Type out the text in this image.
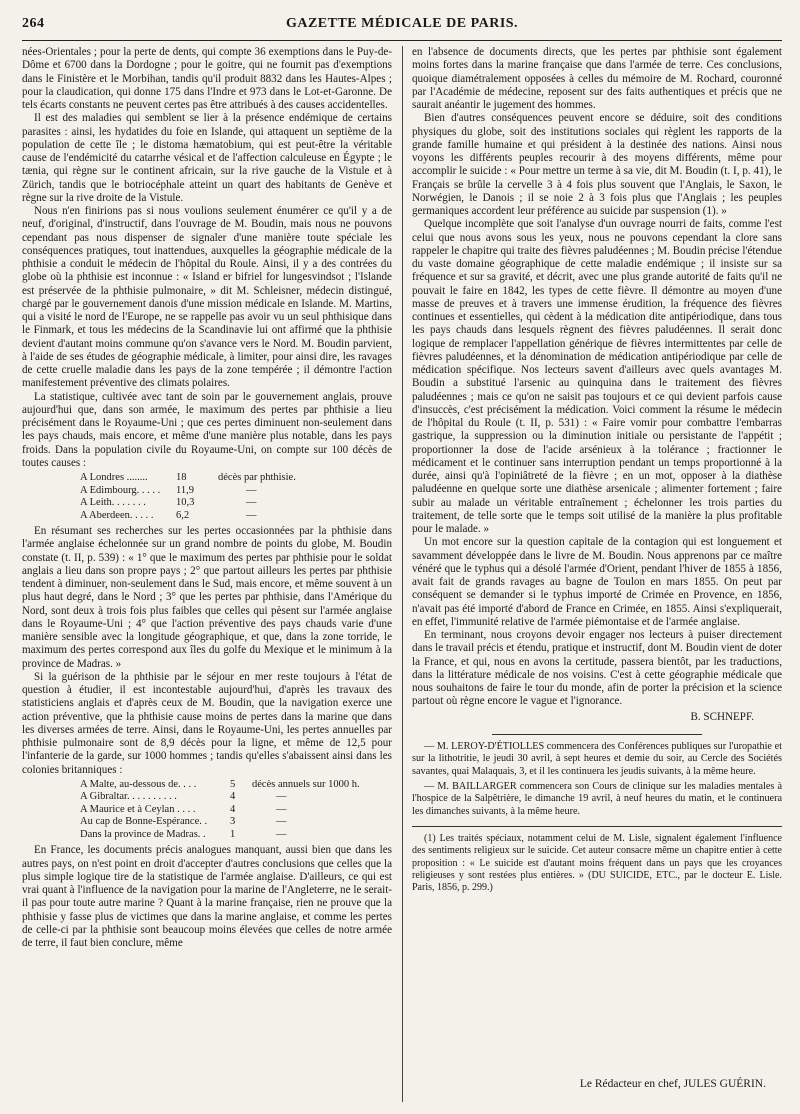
264	GAZETTE MÉDICALE DE PARIS.

nées-Orientales ; pour la perte de dents, qui compte 36 exemptions dans le Puy-de-Dôme et 6700 dans la Dordogne ; pour le goitre, qui ne fournit pas d'exemptions dans le Finistère et le Morbihan, tandis qu'il produit 8832 dans les Hautes-Alpes ; pour la claudication, qui donne 175 dans l'Indre et 973 dans le Lot-et-Garonne. De tels écarts constants ne peuvent certes pas être attribués à des causes accidentelles.

Il est des maladies qui semblent se lier à la présence endémique de certains parasites : ainsi, les hydatides du foie en Islande, qui attaquent un septième de la population de cette île ; le distoma hæmatobium, qui est peut-être la véritable cause de l'endémicité du catarrhe vésical et de l'affection calculeuse en Égypte ; le tænia, qui règne sur le continent africain, sur la rive gauche de la Vistule et à Zürich, tandis que le botriocéphale atteint un quart des habitants de Genève et règne sur la rive droite de la Vistule.

Nous n'en finirions pas si nous voulions seulement énumérer ce qu'il y a de neuf, d'original, d'instructif, dans l'ouvrage de M. Boudin, mais nous ne pouvons cependant pas nous dispenser de signaler d'une manière toute spéciale les conséquences pratiques, tout inattendues, auxquelles la géographie médicale de la phthisie a conduit le médecin de l'hôpital du Roule. Ainsi, il y a des contrées du globe où la phthisie est inconnue : « Island er bifriel for lungesvindsot ; l'Islande est préservée de la phthisie pulmonaire, » dit M. Schleisner, médecin distingué, chargé par le gouvernement danois d'une mission médicale en Islande. M. Martins, qui a visité le nord de l'Europe, ne se rappelle pas avoir vu un seul phthisique dans le Finmark, et tous les médecins de la Scandinavie lui ont affirmé que la phthisie devient d'autant moins commune qu'on s'avance vers le Nord. M. Boudin parvient, à l'aide de ses études de géographie médicale, à limiter, pour ainsi dire, les ravages de cette cruelle maladie dans les pays de la zone tempérée ; il démontre l'action manifestement préventive des climats polaires.

La statistique, cultivée avec tant de soin par le gouvernement anglais, prouve aujourd'hui que, dans son armée, le maximum des pertes par phthisie a lieu précisément dans le Royaume-Uni ; que ces pertes diminuent non-seulement dans les pays chauds, mais encore, et même d'une manière plus notable, dans les pays froids. Dans la population civile du Royaume-Uni, on compte sur 100 décès de toutes causes :

A Londres ........	18	décès par phthisie.
A Edimbourg. . . . .	11,9	—
A Leith. . . . . . .	10,3	—
A Aberdeen. . . . .	6,2	—

En résumant ses recherches sur les pertes occasionnées par la phthisie dans l'armée anglaise échelonnée sur un grand nombre de points du globe, M. Boudin constate (t. II, p. 539) : « 1° que le maximum des pertes par phthisie pour le soldat anglais a lieu dans son propre pays ; 2° que partout ailleurs les pertes par phthisie tendent à diminuer, non-seulement dans le Sud, mais encore, et même souvent à un plus haut degré, dans le Nord ; 3° que les pertes par phthisie, dans l'Amérique du Nord, sont deux à trois fois plus faibles que celles qui pèsent sur l'armée anglaise dans le Royaume-Uni ; 4° que l'action préventive des pays chauds varie d'une manière sensible avec la longitude géographique, et que, dans la zone torride, le maximum des pertes correspond aux îles du golfe du Mexique et le minimum à la province de Madras. »

Si la guérison de la phthisie par le séjour en mer reste toujours à l'état de question à étudier, il est incontestable aujourd'hui, d'après les travaux des statisticiens anglais et d'après ceux de M. Boudin, que la navigation exerce une action préventive, que la phthisie cause moins de pertes dans la marine que dans les diverses armées de terre. Ainsi, dans le Royaume-Uni, les pertes annuelles par phthisie pulmonaire sont de 8,9 décès pour la ligne, et même de 12,5 pour l'infanterie de la garde, sur 1000 hommes ; tandis qu'elles s'abaissent ainsi dans les colonies britanniques :

A Malte, au-dessous de. . . .	5	décès annuels sur 1000 h.
A Gibraltar. . . . . . . . . .	4	—
A Maurice et à Ceylan . . . .	4	—
Au cap de Bonne-Espérance. .	3	—
Dans la province de Madras. .	1	—

En France, les documents précis analogues manquant, aussi bien que dans les autres pays, on n'est point en droit d'accepter d'autres conclusions que celles que la plus simple logique tire de la statistique de l'armée anglaise. D'ailleurs, ce qui est vrai quant à l'influence de la navigation pour la marine de l'Angleterre, ne le serait-il pas pour toute autre marine ? Quant à la marine française, rien ne prouve que la phthisie y fasse plus de victimes que dans la marine anglaise, et comme les pertes de celle-ci par la phthisie sont beaucoup moins élevées que celles de notre armée de terre, il faut bien conclure, même

en l'absence de documents directs, que les pertes par phthisie sont également moins fortes dans la marine française que dans l'armée de terre. Ces conclusions, quoique diamétralement opposées à celles du mémoire de M. Rochard, couronné par l'Académie de médecine, reposent sur des faits authentiques et précis que ne saurait anéantir le jugement des hommes.

Bien d'autres conséquences peuvent encore se déduire, soit des conditions physiques du globe, soit des institutions sociales qui règlent les rapports de la grande famille humaine et qui président à la destinée des nations. Ainsi nous voyons les différents peuples recourir à des moyens différents, même pour accomplir le suicide : « Pour mettre un terme à sa vie, dit M. Boudin (t. I, p. 41), le Français se brûle la cervelle 3 à 4 fois plus souvent que l'Anglais, le Saxon, le Norwégien, le Danois ; il se noie 2 à 3 fois plus que l'Anglais ; les peuples germaniques accordent leur préférence au suicide par suspension (1). »

Quelque incomplète que soit l'analyse d'un ouvrage nourri de faits, comme l'est celui que nous avons sous les yeux, nous ne pouvons cependant la clore sans rappeler le chapitre qui traite des fièvres paludéennes ; M. Boudin précise l'étendue du vaste domaine géographique de cette maladie endémique ; il insiste sur sa fréquence et sur sa gravité, et décrit, avec une plus grande autorité de faits qu'il ne pouvait le faire en 1842, les types de cette fièvre. Il démontre au moyen d'une masse de preuves et à travers une immense érudition, la fréquence des fièvres continues et essentielles, qui cèdent à la médication dite antipériodique, dans tous les pays chauds dans lesquels règnent des fièvres paludéennes. Il serait donc logique de remplacer l'appellation générique de fièvres intermittentes par celle de fièvres paludéennes, et la dénomination de médication antipériodique par celle de médication spécifique. Nos lecteurs savent d'ailleurs avec quels avantages M. Boudin a substitué l'arsenic au quinquina dans le traitement des fièvres paludéennes ; mais ce qu'on ne saisit pas toujours et ce qui devient parfois cause d'insuccès, c'est précisément la médication. Voici comment la résume le médecin de l'hôpital du Roule (t. II, p. 531) : « Faire vomir pour combattre l'embarras gastrique, la suppression ou la diminution initiale ou persistante de l'appétit ; proportionner la dose de l'acide arsénieux à la tolérance ; fractionner le médicament et le continuer sans interruption pendant un temps proportionné à la durée, ainsi qu'à l'opiniâtreté de la fièvre ; en un mot, opposer à la diathèse paludéenne en quelque sorte une diathèse arsenicale ; alimenter fortement ; faire subir au malade un véritable entraînement ; échelonner les trois parties du traitement, de telle sorte que le temps soit utilisé de la manière la plus profitable pour le malade. »

Un mot encore sur la question capitale de la contagion qui est longuement et savamment développée dans le livre de M. Boudin. Nous apprenons par ce maître vénéré que le typhus qui a désolé l'armée d'Orient, pendant l'hiver de 1855 à 1856, avait fait de grands ravages au bagne de Toulon en mars 1855. On peut par conséquent se demander si le typhus importé de Crimée en Provence, en 1856, n'avait pas été importé d'abord de France en Crimée, en 1855. Ainsi s'expliquerait, en effet, l'immunité relative de l'armée piémontaise et de l'armée anglaise.

En terminant, nous croyons devoir engager nos lecteurs à puiser directement dans le travail précis et étendu, pratique et instructif, dont M. Boudin vient de doter la France, et qui, nous en avons la certitude, passera bientôt, par les traductions, dans la littérature médicale de nos voisins. C'est à cette géographie médicale que nous souhaitons de faire le tour du monde, afin de porter la précision et la science partout où règne encore le vague et l'ignorance.

B. SCHNEPF.

— M. LEROY-D'ÉTIOLLES commencera des Conférences publiques sur l'uropathie et sur la lithotritie, le jeudi 30 avril, à sept heures et demie du soir, au Cercle des Sociétés savantes, quai Malaquais, 3, et il les continuera les jeudis suivants, à la même heure.

— M. BAILLARGER commencera son Cours de clinique sur les maladies mentales à l'hospice de la Salpêtrière, le dimanche 19 avril, à neuf heures du matin, et le continuera les dimanches suivants, à la même heure.

(1) Les traités spéciaux, notamment celui de M. Lisle, signalent également l'influence des sentiments religieux sur le suicide. Cet auteur consacre même un chapitre entier à cette proposition : « Le suicide est d'autant moins fréquent dans un pays que les croyances religieuses y sont restées plus entières. » (DU SUICIDE, ETC., par le docteur E. Lisle. Paris, 1856, p. 299.)

Le Rédacteur en chef, JULES GUÉRIN.
